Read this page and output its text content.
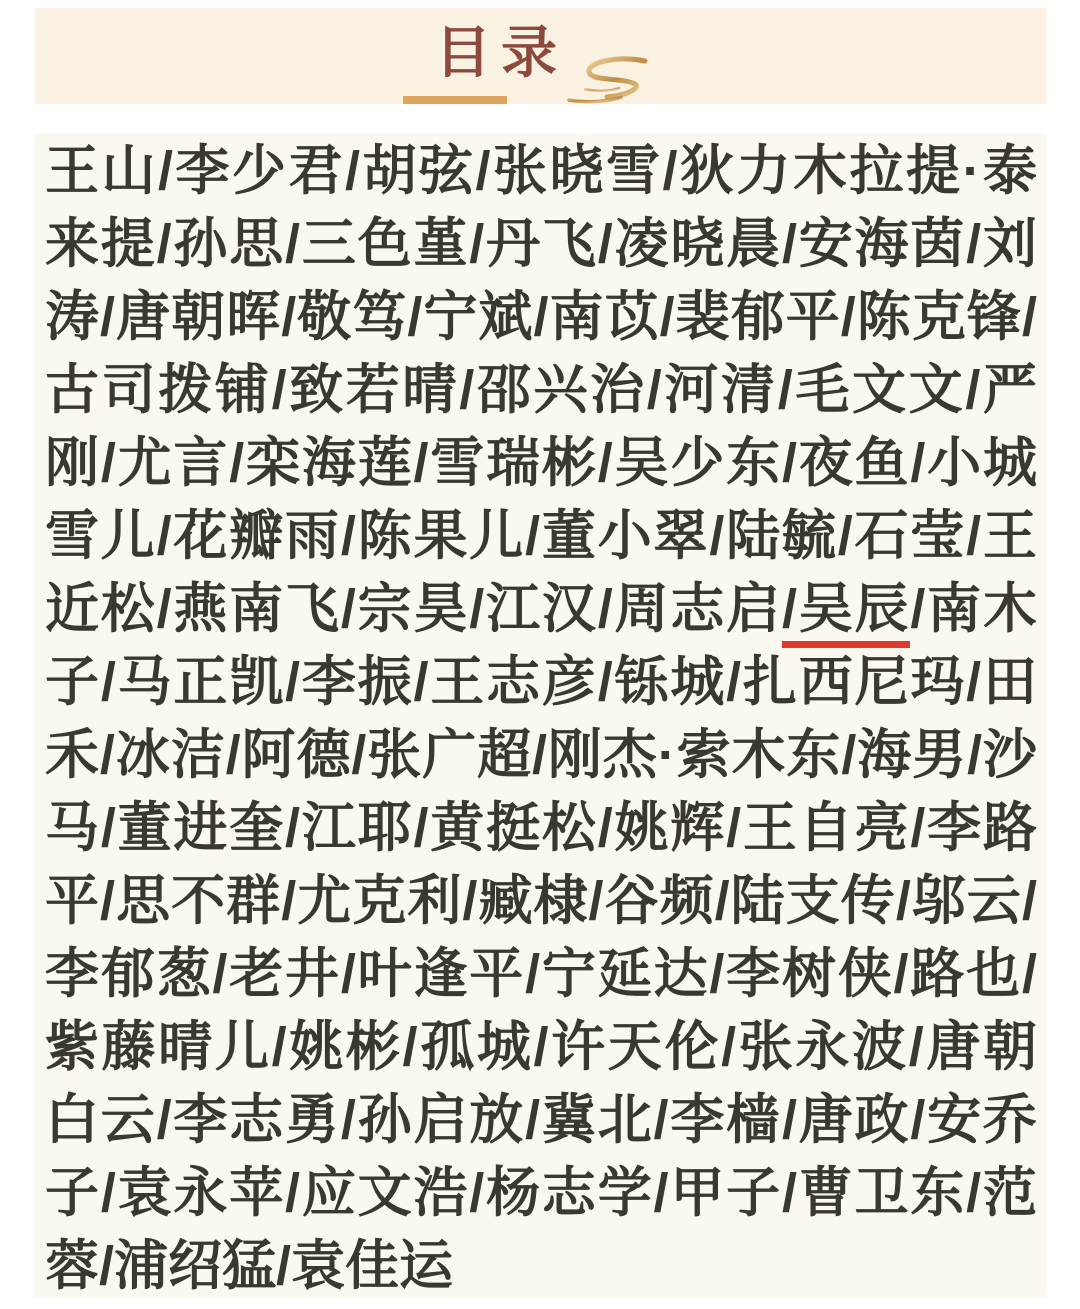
目录

王山/李少君/胡弦/张晓雪/狄力木拉提·泰来提/孙思/三色堇/丹飞/凌晓晨/安海茵/刘涛/唐朝晖/敬笃/宁斌/南苡/裴郁平/陈克锋/古司拨铺/致若晴/邵兴治/河清/毛文文/严刚/尤言/栾海莲/雪瑞彬/吴少东/夜鱼/小城雪儿/花瓣雨/陈果儿/董小翠/陆毓/石莹/王近松/燕南飞/宗昊/江汉/周志启/吴辰/南木子/马正凯/李振/王志彦/铄城/扎西尼玛/田禾/冰洁/阿德/张广超/刚杰·索木东/海男/沙马/董进奎/江耶/黄挺松/姚辉/王自亮/李路平/思不群/尤克利/臧棣/谷频/陆支传/邬云/李郁葱/老井/叶逢平/宁延达/李树侠/路也/紫藤晴儿/姚彬/孤城/许天伦/张永波/唐朝白云/李志勇/孙启放/冀北/李樯/唐政/安乔子/袁永苹/应文浩/杨志学/甲子/曹卫东/范蓉/浦绍猛/袁佳运
